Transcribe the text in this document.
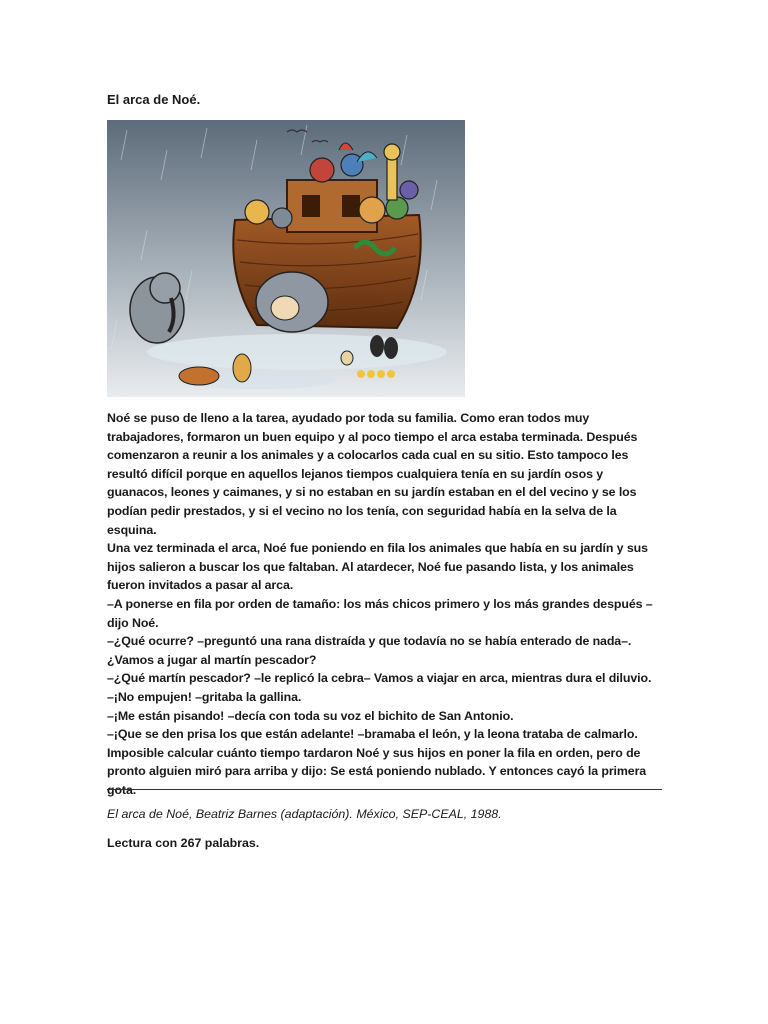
El arca de Noé.

Noé se puso de lleno a la tarea, ayudado por toda su familia. Como eran todos muy trabajadores, formaron un buen equipo y al poco tiempo el arca estaba terminada. Después comenzaron a reunir a los animales y a colocarlos cada cual en su sitio. Esto tampoco les resultó difícil porque en aquellos lejanos tiempos cualquiera tenía en su jardín osos y guanacos, leones y caimanes, y si no estaban en su jardín estaban en el del vecino y se los podían pedir prestados, y si el vecino no los tenía, con seguridad había en la selva de la esquina.

Una vez terminada el arca, Noé fue poniendo en fila los animales que había en su jardín y sus hijos salieron a buscar los que faltaban. Al atardecer, Noé fue pasando lista, y los animales fueron invitados a pasar al arca.

–A ponerse en fila por orden de tamaño: los más chicos primero y los más grandes después –dijo Noé.

–¿Qué ocurre? –preguntó una rana distraída y que todavía no se había enterado de nada–. ¿Vamos a jugar al martín pescador?

–¿Qué martín pescador? –le replicó la cebra– Vamos a viajar en arca, mientras dura el diluvio.

–¡No empujen! –gritaba la gallina.

–¡Me están pisando! –decía con toda su voz el bichito de San Antonio.

–¡Que se den prisa los que están adelante! –bramaba el león, y la leona trataba de calmarlo.

Imposible calcular cuánto tiempo tardaron Noé y sus hijos en poner la fila en orden, pero de pronto alguien miró para arriba y dijo: Se está poniendo nublado. Y entonces cayó la primera gota.

El arca de Noé, Beatriz Barnes (adaptación). México, SEP-CEAL, 1988.
Lectura con 267 palabras.
